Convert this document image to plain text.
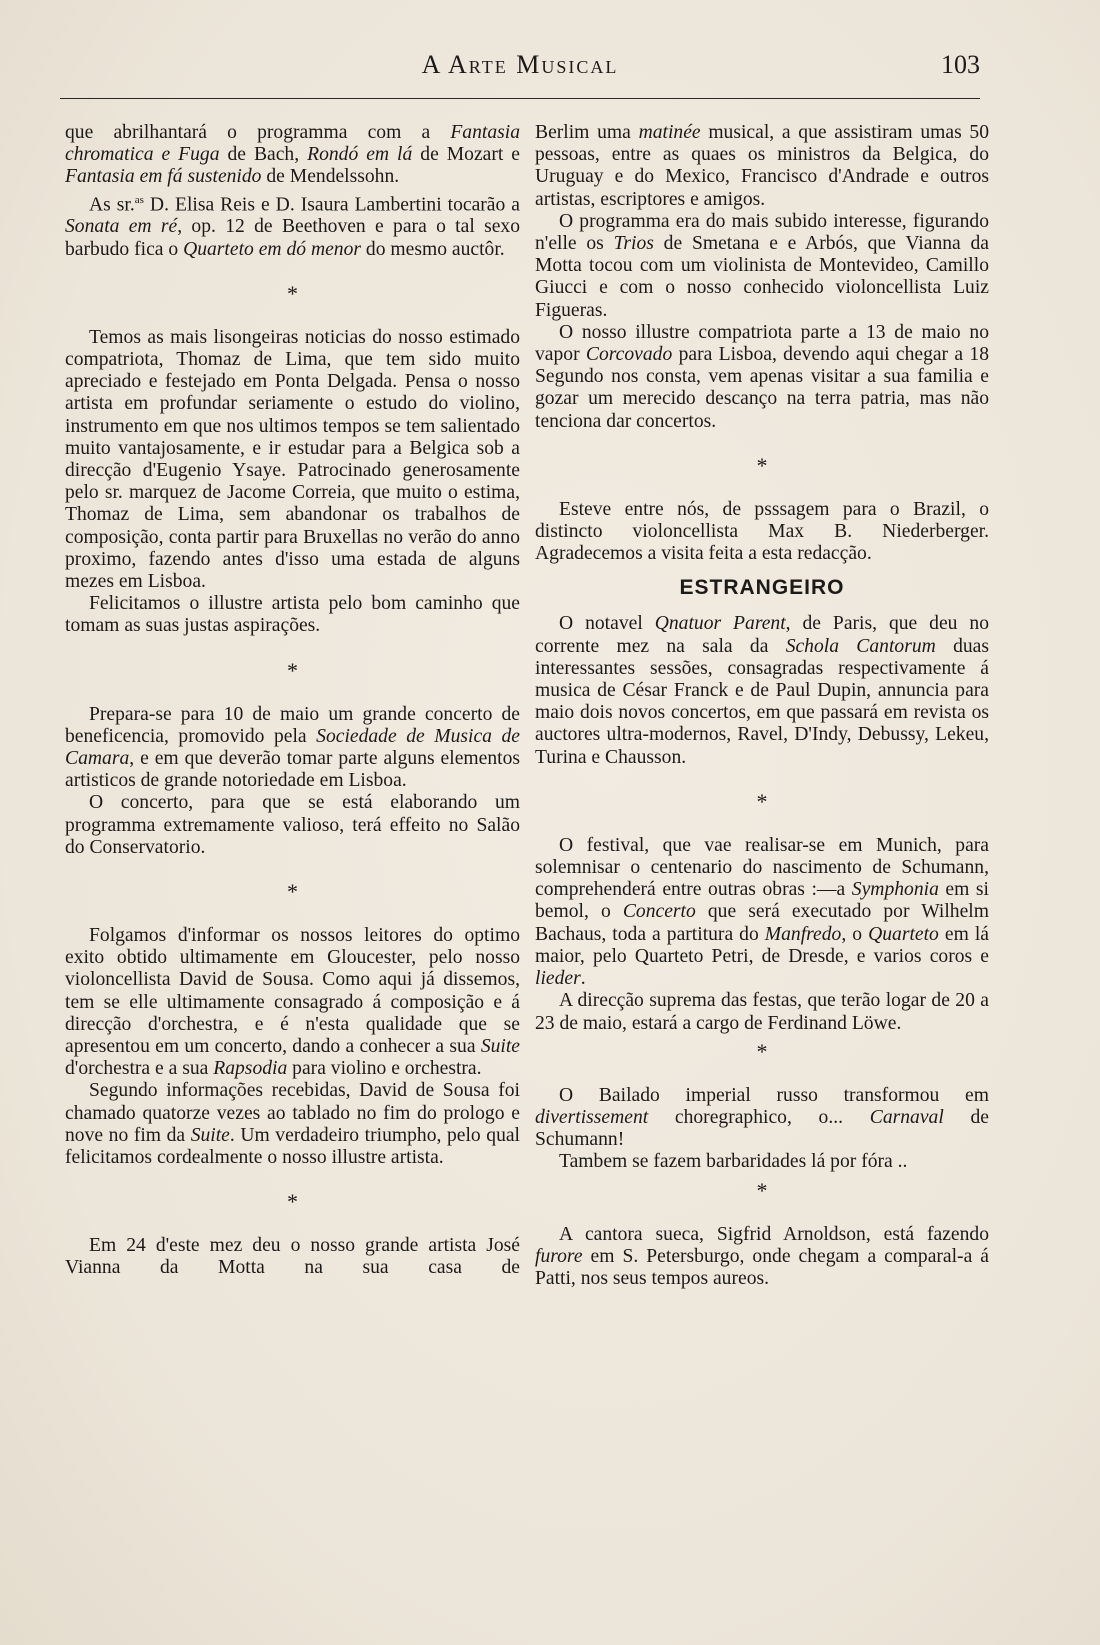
A Arte Musical	103

que abrilhantará o programma com a Fantasia chromatica e Fuga de Bach, Rondó em lá de Mozart e Fantasia em fá sustenido de Mendelssohn.

As sr.$^{as}$ D. Elisa Reis e D. Isaura Lambertini tocarão a Sonata em ré, op. 12 de Beethoven e para o tal sexo barbudo fica o Quarteto em dó menor do mesmo auctôr.

*

Temos as mais lisongeiras noticias do nosso estimado compatriota, Thomaz de Lima, que tem sido muito apreciado e festejado em Ponta Delgada. Pensa o nosso artista em profundar seriamente o estudo do violino, instrumento em que nos ultimos tempos se tem salientado muito vantajosamente, e ir estudar para a Belgica sob a direcção d'Eugenio Ysaye. Patrocinado generosamente pelo sr. marquez de Jacome Correia, que muito o estima, Thomaz de Lima, sem abandonar os trabalhos de composição, conta partir para Bruxellas no verão do anno proximo, fazendo antes d'isso uma estada de alguns mezes em Lisboa.

Felicitamos o illustre artista pelo bom caminho que tomam as suas justas aspirações.

*

Prepara-se para 10 de maio um grande concerto de beneficencia, promovido pela Sociedade de Musica de Camara, e em que deverão tomar parte alguns elementos artisticos de grande notoriedade em Lisboa.

O concerto, para que se está elaborando um programma extremamente valioso, terá effeito no Salão do Conservatorio.

*

Folgamos d'informar os nossos leitores do optimo exito obtido ultimamente em Gloucester, pelo nosso violoncellista David de Sousa. Como aqui já dissemos, tem se elle ultimamente consagrado á composição e á direcção d'orchestra, e é n'esta qualidade que se apresentou em um concerto, dando a conhecer a sua Suite d'orchestra e a sua Rapsodia para violino e orchestra.

Segundo informações recebidas, David de Sousa foi chamado quatorze vezes ao tablado no fim do prologo e nove no fim da Suite. Um verdadeiro triumpho, pelo qual felicitamos cordealmente o nosso illustre artista.

*

Em 24 d'este mez deu o nosso grande artista José Vianna da Motta na sua casa de

Berlim uma matinée musical, a que assistiram umas 50 pessoas, entre as quaes os ministros da Belgica, do Uruguay e do Mexico, Francisco d'Andrade e outros artistas, escriptores e amigos.

O programma era do mais subido interesse, figurando n'elle os Trios de Smetana e e Arbós, que Vianna da Motta tocou com um violinista de Montevideo, Camillo Giucci e com o nosso conhecido violoncellista Luiz Figueras.

O nosso illustre compatriota parte a 13 de maio no vapor Corcovado para Lisboa, devendo aqui chegar a 18 Segundo nos consta, vem apenas visitar a sua familia e gozar um merecido descanço na terra patria, mas não tenciona dar concertos.

*

Esteve entre nós, de psssagem para o Brazil, o distincto violoncellista Max B. Niederberger. Agradecemos a visita feita a esta redacção.

ESTRANGEIRO

O notavel Qnatuor Parent, de Paris, que deu no corrente mez na sala da Schola Cantorum duas interessantes sessões, consagradas respectivamente á musica de César Franck e de Paul Dupin, annuncia para maio dois novos concertos, em que passará em revista os auctores ultra-modernos, Ravel, D'Indy, Debussy, Lekeu, Turina e Chausson.

*

O festival, que vae realisar-se em Munich, para solemnisar o centenario do nascimento de Schumann, comprehenderá entre outras obras :—a Symphonia em si bemol, o Concerto que será executado por Wilhelm Bachaus, toda a partitura do Manfredo, o Quarteto em lá maior, pelo Quarteto Petri, de Dresde, e varios coros e lieder.

A direcção suprema das festas, que terão logar de 20 a 23 de maio, estará a cargo de Ferdinand Löwe.

*

O Bailado imperial russo transformou em divertissement choregraphico, o... Carnaval de Schumann!

Tambem se fazem barbaridades lá por fóra ..

*

A cantora sueca, Sigfrid Arnoldson, está fazendo furore em S. Petersburgo, onde chegam a comparal-a á Patti, nos seus tempos aureos.
